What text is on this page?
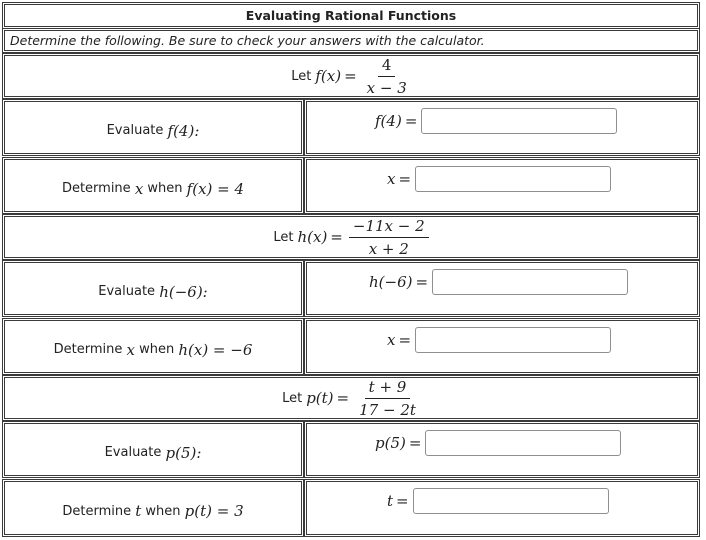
Evaluating Rational Functions
Determine the following. Be sure to check your answers with the calculator.
Let $f(x) = \frac{4}{x - 3}$
Evaluate
f(4):
f(4) =
Determine
x
when
f(x) = 4
x =
Let $h(x) = \frac{-11x - 2}{x + 2}$
Evaluate
h(−6):
h(−6) =
Determine
x
when
h(x) = −6
x =
Let $p(t) = \frac{t + 9}{17 - 2t}$
Evaluate
p(5):
p(5) =
Determine
t
when
p(t) = 3
t =
